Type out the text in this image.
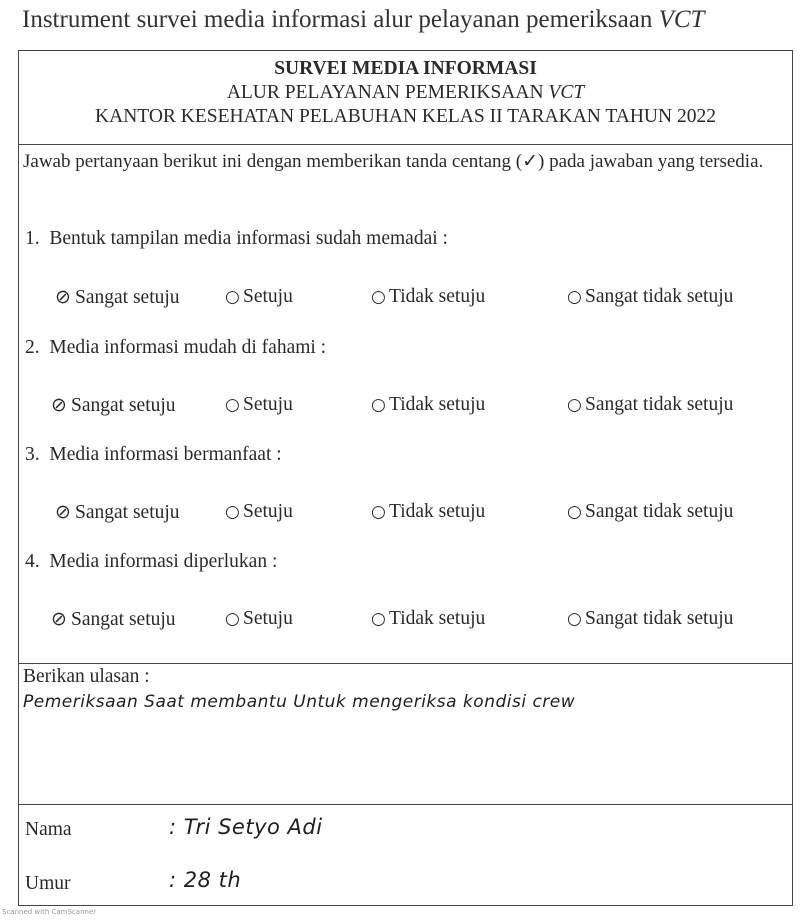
Instrument survei media informasi alur pelayanan pemeriksaan VCT
SURVEI MEDIA INFORMASI
ALUR PELAYANAN PEMERIKSAAN VCT
KANTOR KESEHATAN PELABUHAN KELAS II TARAKAN TAHUN 2022
Jawab pertanyaan berikut ini dengan memberikan tanda centang (✓) pada jawaban yang tersedia.
1. Bentuk tampilan media informasi sudah memadai :
⊘ Sangat setuju	○ Setuju	○ Tidak setuju	○ Sangat tidak setuju
2. Media informasi mudah di fahami :
⊘ Sangat setuju	○ Setuju	○ Tidak setuju	○ Sangat tidak setuju
3. Media informasi bermanfaat :
⊘ Sangat setuju	○ Setuju	○ Tidak setuju	○ Sangat tidak setuju
4. Media informasi diperlukan :
⊘ Sangat setuju	○ Setuju	○ Tidak setuju	○ Sangat tidak setuju
Berikan ulasan :
Pemeriksaan Saat membantu Untuk mengeriksa kondisi crew
Nama	: Tri Setyo Adi
Umur	: 28 th
Scanned with CamScanner
